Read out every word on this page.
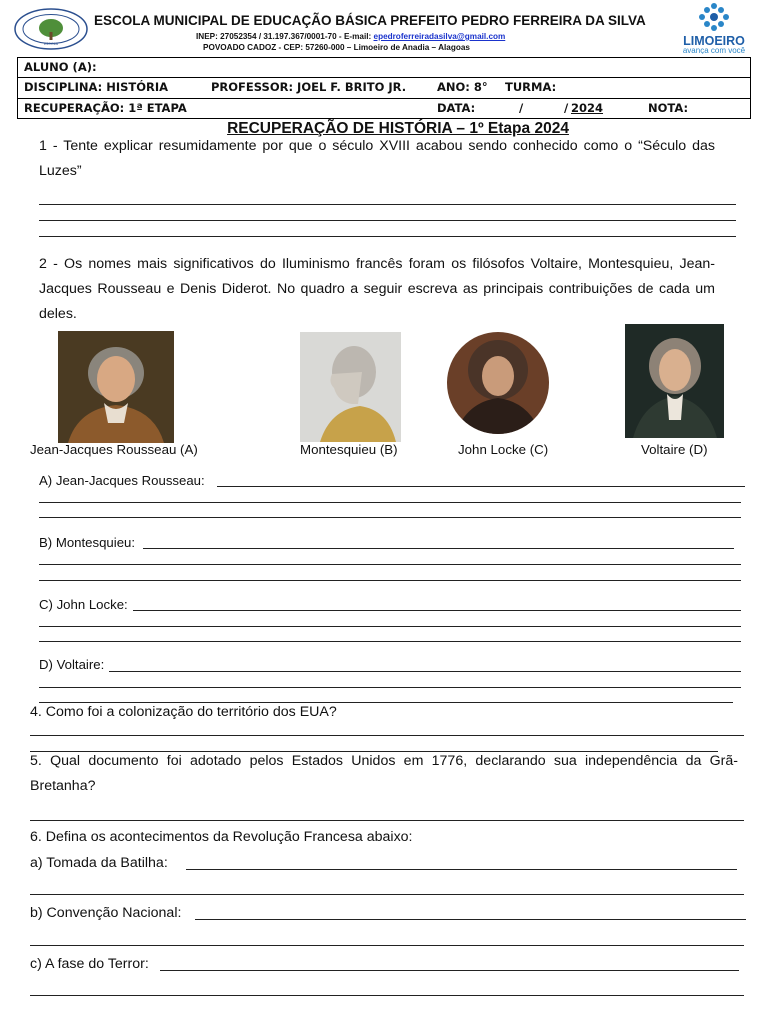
ESCOLA
ESCOLA MUNICIPAL DE EDUCAÇÃO BÁSICA PREFEITO PEDRO FERREIRA DA SILVA
INEP: 27052354 / 31.197.367/0001-70 - E-mail: epedroferreiradasilva@gmail.com
POVOADO CADOZ - CEP: 57260-000 – Limoeiro de Anadia – Alagoas	LIMOEIRO
avança com você
ALUNO (A):
DISCIPLINA: HISTÓRIA	PROFESSOR: JOEL F. BRITO JR.	ANO: 8° TURMA:
RECUPERAÇÃO: 1ª ETAPA	DATA:	/	/ 2024	NOTA:
RECUPERAÇÃO DE HISTÓRIA – 1º Etapa 2024
1 - Tente explicar resumidamente por que o século XVIII acabou sendo conhecido como o “Século das Luzes”
2 - Os nomes mais significativos do Iluminismo francês foram os filósofos Voltaire, Montesquieu, Jean-Jacques Rousseau e Denis Diderot. No quadro a seguir escreva as principais contribuições de cada um deles.
Jean-Jacques Rousseau (A)	Montesquieu (B)	John Locke (C)	Voltaire (D)
A) Jean-Jacques Rousseau:
B) Montesquieu:
C) John Locke:
D) Voltaire:
4. Como foi a colonização do território dos EUA?
5. Qual documento foi adotado pelos Estados Unidos em 1776, declarando sua independência da Grã-Bretanha?
6. Defina os acontecimentos da Revolução Francesa abaixo:
a) Tomada da Batilha:
b) Convenção Nacional:
c) A fase do Terror:
